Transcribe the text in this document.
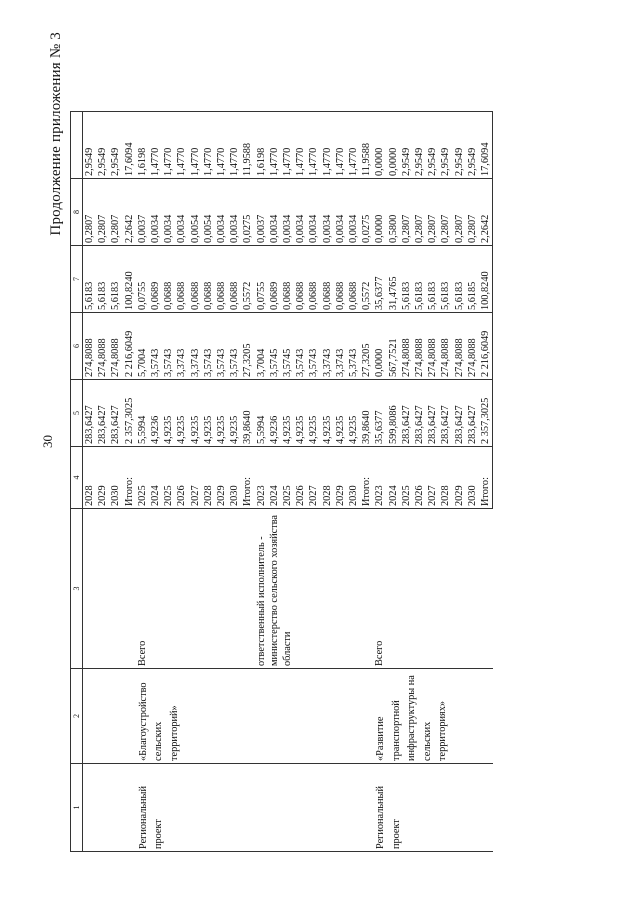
30
Продолжение приложения № 3
1	2	3	4	5	6	7	8	
			2028	283,6427	274,8088	5,6183	0,2807	2,9549
			2029	283,6427	274,8088	5,6183	0,2807	2,9549
			2030	283,6427	274,8088	5,6183	0,2807	2,9549
			Итого:	2 357,3025	2 216,6049	100,8240	2,2642	17,6094
Региональный проект	«Благоустройство сельских территорий»	Всего	2025	5,5994	5,7004	0,0755	0,0037	1,6198
			2024	4,9236	3,5743	0,0689	0,0034	1,4770
			2025	4,9235	3,5743	0,0688	0,0034	1,4770
			2026	4,9235	3,3743	0,0688	0,0034	1,4770
			2027	4,9235	3,3743	0,0688	0,0054	1,4770
			2028	4,9235	3,5743	0,0688	0,0054	1,4770
			2029	4,9235	3,5743	0,0688	0,0034	1,4770
			2030	4,9235	3,5743	0,0688	0,0034	1,4770
			Итого:	39,8640	27,3205	0,5572	0,0275	11,9588
		ответственный исполнитель - министерство сельского хозяйства области	2023	5,5994	3,7004	0,0755	0,0037	1,6198
			2024	4,9236	3,5745	0,0689	0,0034	1,4770
			2025	4,9235	3,5745	0,0688	0,0034	1,4770
			2026	4,9235	3,5743	0,0688	0,0034	1,4770
			2027	4,9235	3,5743	0,0688	0,0034	1,4770
			2028	4,9235	3,3743	0,0688	0,0034	1,4770
			2029	4,9235	3,3743	0,0688	0,0034	1,4770
			2030	4,9235	5,3743	0,0688	0,0034	1,4770
			Итого:	39,8640	27,3205	0,5572	0,0275	11,9588
Региональный проект	«Развитие транспортной инфраструктуры на сельских территориях»	Всего	2023	35,6377	0,0000	35,6377	0,0000	0,0000
			2024	599,8086	567,7521	31,4765	0,5800	0,0000
			2025	283,6427	274,8088	5,6183	0,2807	2,9549
			2026	283,6427	274,8088	5,6183	0,2807	2,9549
			2027	283,6427	274,8088	5,6183	0,2807	2,9549
			2028	283,6427	274,8088	5,6183	0,2807	2,9549
			2029	283,6427	274,8088	5,6183	0,2807	2,9549
			2030	283,6427	274,8088	5,6185	0,2807	2,9549
			Итого:	2 357,3025	2 216,6049	100,8240	2,2642	17,6094
